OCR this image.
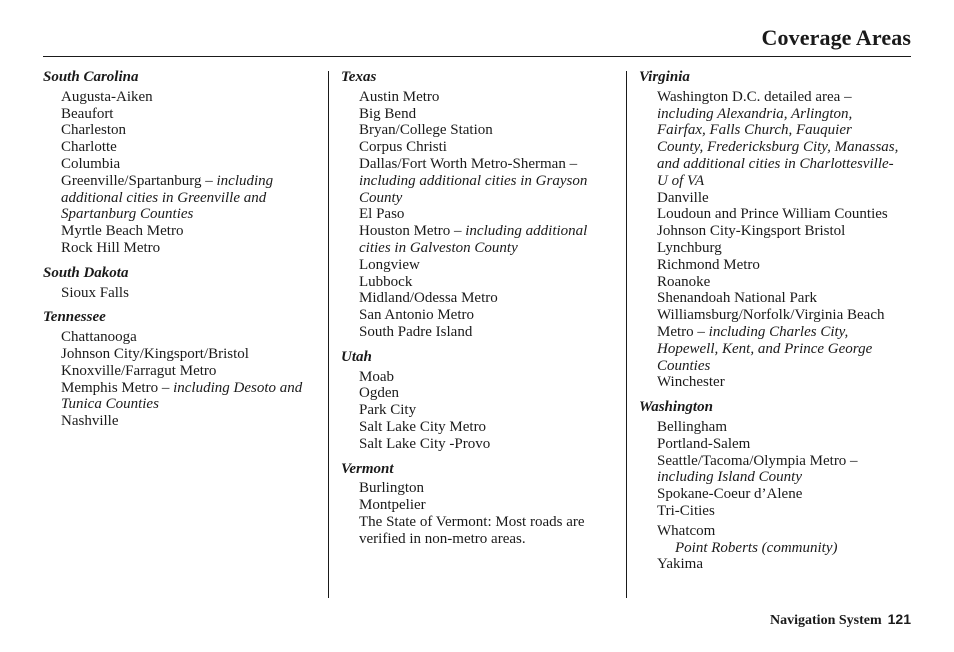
Coverage Areas
South Carolina
Augusta-Aiken
Beaufort
Charleston
Charlotte
Columbia
Greenville/Spartanburg – including additional cities in Greenville and Spartanburg Counties
Myrtle Beach Metro
Rock Hill Metro
South Dakota
Sioux Falls
Tennessee
Chattanooga
Johnson City/Kingsport/Bristol
Knoxville/Farragut Metro
Memphis Metro – including Desoto and Tunica Counties
Nashville
Texas
Austin Metro
Big Bend
Bryan/College Station
Corpus Christi
Dallas/Fort Worth Metro-Sherman – including additional cities in Grayson County
El Paso
Houston Metro – including additional cities in Galveston County
Longview
Lubbock
Midland/Odessa Metro
San Antonio Metro
South Padre Island
Utah
Moab
Ogden
Park City
Salt Lake City Metro
Salt Lake City -Provo
Vermont
Burlington
Montpelier
The State of Vermont: Most roads are verified in non-metro areas.
Virginia
Washington D.C. detailed area – including Alexandria, Arlington, Fairfax, Falls Church, Fauquier County, Fredericksburg City, Manassas, and additional cities in Charlottesville-U of VA
Danville
Loudoun and Prince William Counties
Johnson City-Kingsport Bristol
Lynchburg
Richmond Metro
Roanoke
Shenandoah National Park
Williamsburg/Norfolk/Virginia Beach Metro – including Charles City, Hopewell, Kent, and Prince George Counties
Winchester
Washington
Bellingham
Portland-Salem
Seattle/Tacoma/Olympia Metro – including Island County
Spokane-Coeur d’Alene
Tri-Cities
Whatcom
Point Roberts (community)
Yakima
Navigation System 121
